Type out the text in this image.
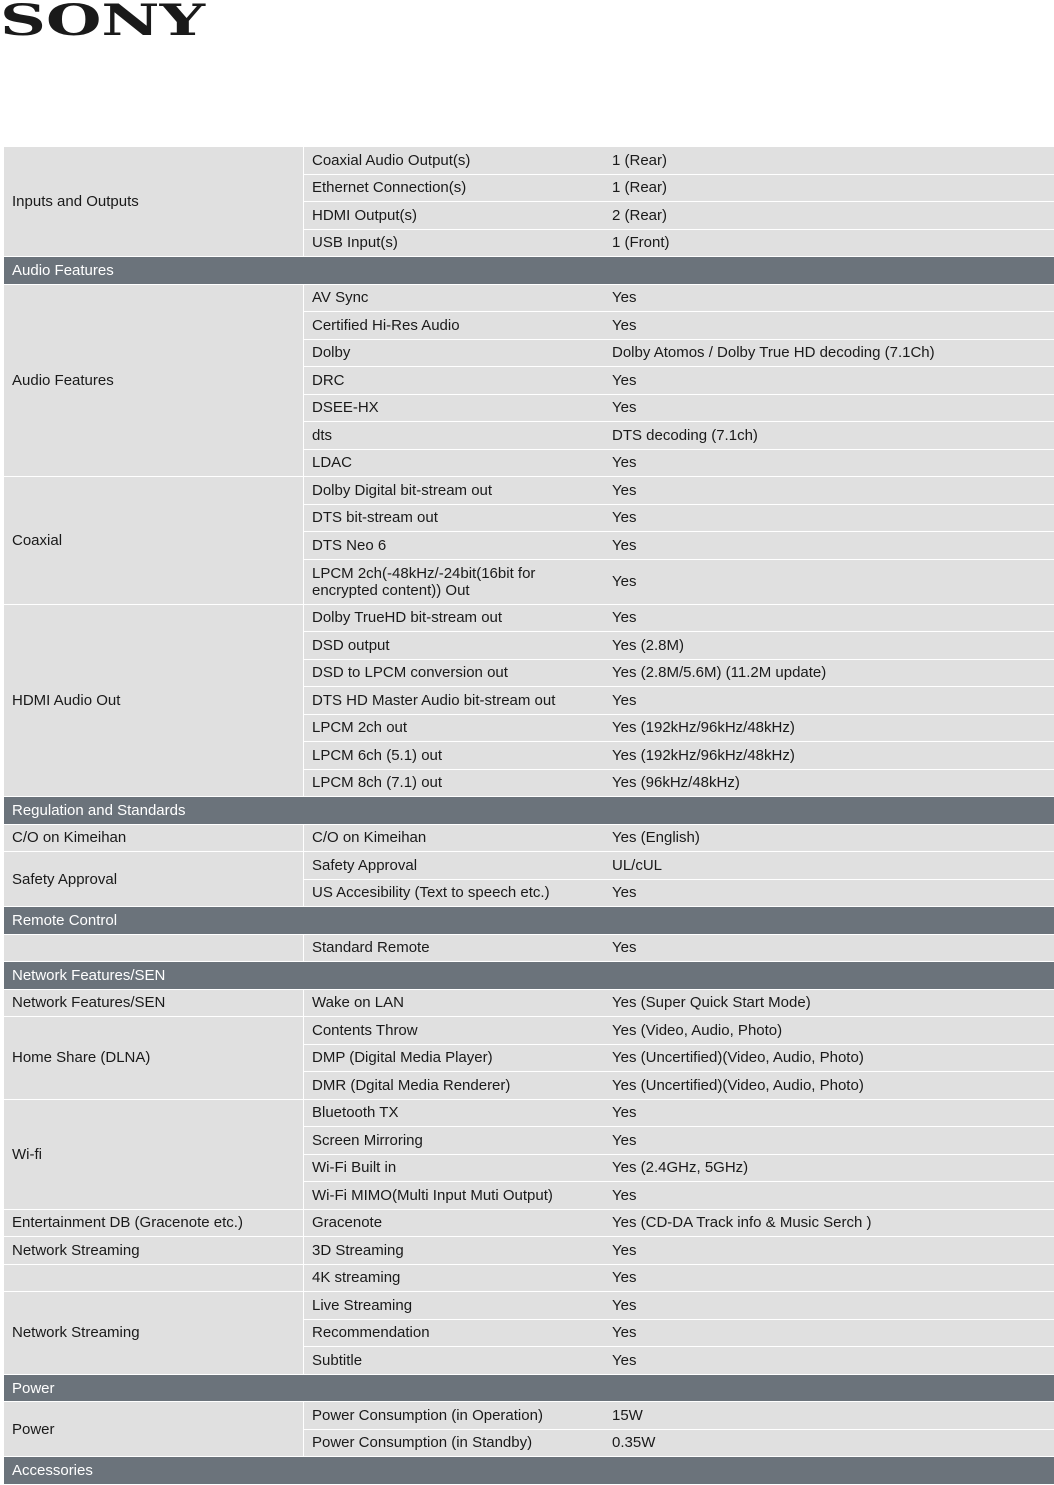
SONY
Inputs and Outputs
Coaxial Audio Output(s)	1 (Rear)
Ethernet Connection(s)	1 (Rear)
HDMI Output(s)	2 (Rear)
USB Input(s)	1 (Front)
Audio Features
Audio Features
AV Sync	Yes
Certified Hi-Res Audio	Yes
Dolby	Dolby Atomos / Dolby True HD decoding (7.1Ch)
DRC	Yes
DSEE-HX	Yes
dts	DTS decoding (7.1ch)
LDAC	Yes
Coaxial
Dolby Digital bit-stream out	Yes
DTS bit-stream out	Yes
DTS Neo 6	Yes
LPCM 2ch(-48kHz/-24bit(16bit for encrypted content)) Out	Yes
HDMI Audio Out
Dolby TrueHD bit-stream out	Yes
DSD output	Yes (2.8M)
DSD to LPCM conversion out	Yes (2.8M/5.6M) (11.2M update)
DTS HD Master Audio bit-stream out	Yes
LPCM 2ch out	Yes (192kHz/96kHz/48kHz)
LPCM 6ch (5.1) out	Yes (192kHz/96kHz/48kHz)
LPCM 8ch (7.1) out	Yes (96kHz/48kHz)
Regulation and Standards
C/O on Kimeihan	C/O on Kimeihan	Yes (English)
Safety Approval
Safety Approval	UL/cUL
US Accesibility (Text to speech etc.)	Yes
Remote Control
Standard Remote	Yes
Network Features/SEN
Network Features/SEN	Wake on LAN	Yes (Super Quick Start Mode)
Home Share (DLNA)
Contents Throw	Yes (Video, Audio, Photo)
DMP (Digital Media Player)	Yes (Uncertified)(Video, Audio, Photo)
DMR (Dgital Media Renderer)	Yes (Uncertified)(Video, Audio, Photo)
Wi-fi
Bluetooth TX	Yes
Screen Mirroring	Yes
Wi-Fi Built in	Yes (2.4GHz, 5GHz)
Wi-Fi MIMO(Multi Input Muti Output)	Yes
Entertainment DB (Gracenote etc.)	Gracenote	Yes (CD-DA Track info & Music Serch )
Network Streaming	3D Streaming	Yes
4K streaming	Yes
Network Streaming
Live Streaming	Yes
Recommendation	Yes
Subtitle	Yes
Power
Power
Power Consumption (in Operation)	15W
Power Consumption (in Standby)	0.35W
Accessories
